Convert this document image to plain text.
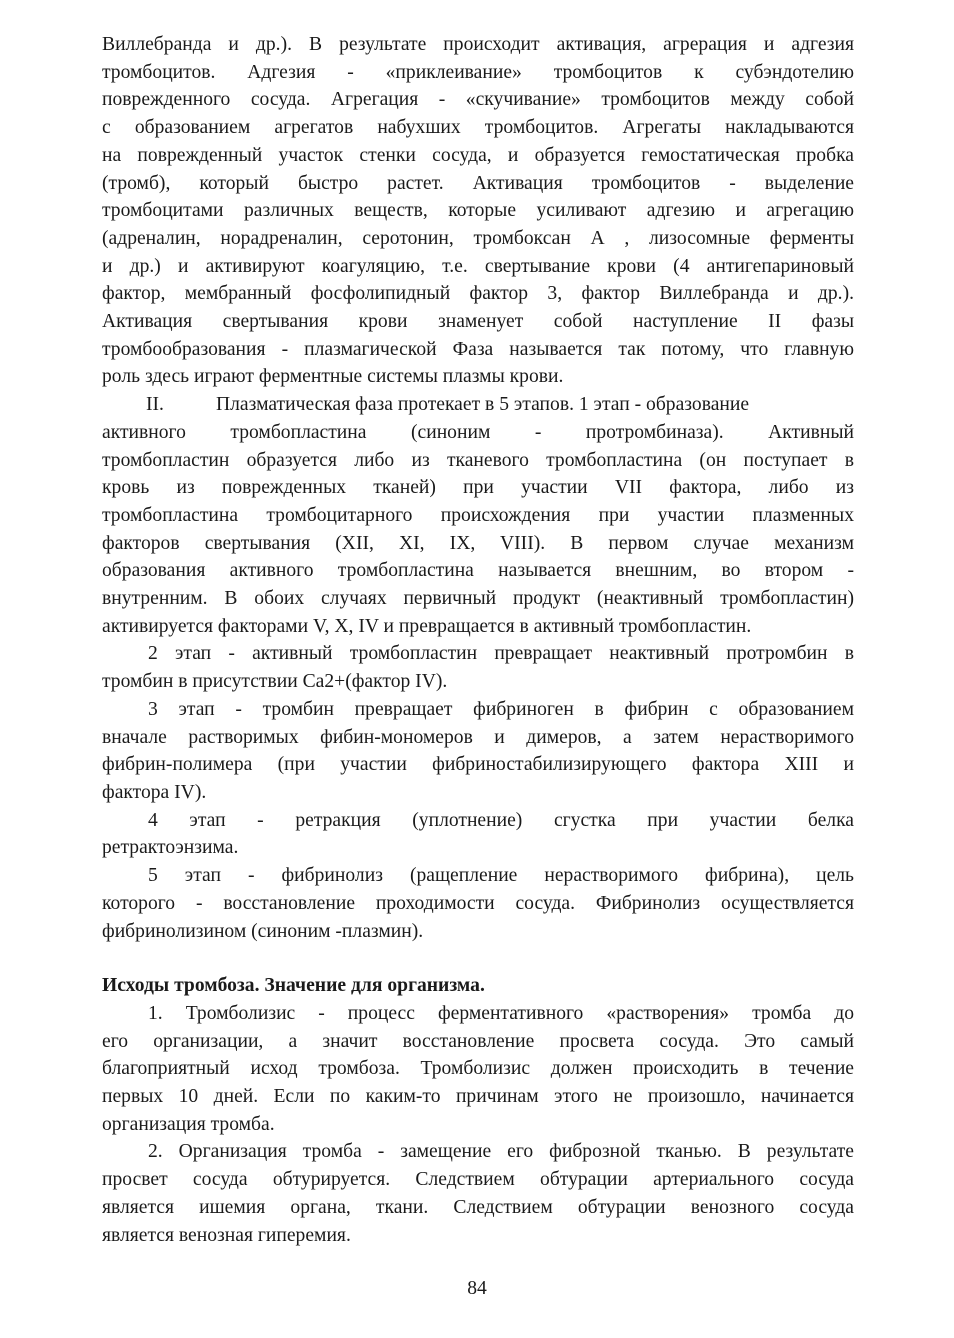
Виллебранда и др.). В результате происходит активация, агрерация и адгезия
тромбоцитов. Адгезия - «приклеивание» тромбоцитов к субэндотелию
поврежденного сосуда. Агрегация - «скучивание» тромбоцитов между собой
с образованием агрегатов набухших тромбоцитов. Агрегаты накладываются
на поврежденный участок стенки сосуда, и образуется гемостатическая пробка
(тромб), который быстро растет. Активация тромбоцитов - выделение
тромбоцитами различных веществ, которые усиливают адгезию и агрегацию
(адреналин, норадреналин, серотонин, тромбоксан А , лизосомные ферменты
и др.) и активируют коагуляцию, т.е. свертывание крови (4 антигепариновый
фактор, мембранный фосфолипидный фактор 3, фактор Виллебранда и др.).
Активация свертывания крови знаменует собой наступление II фазы
тромбообразования - плазмагической Фаза называется так потому, что главную
роль здесь играют ферментные системы плазмы крови.
II.	Плазматическая фаза протекает в 5 этапов. 1 этап - образование
активного тромбопластина (синоним - протромбиназа). Активный
тромбопластин образуется либо из тканевого тромбопластина (он поступает в
кровь из поврежденных тканей) при участии VII фактора, либо из
тромбопластина тромбоцитарного происхождения при участии плазменных
факторов свертывания (XII, XI, IX, VIII). В первом случае механизм
образования активного тромбопластина называется внешним, во втором -
внутренним. В обоих случаях первичный продукт (неактивный тромбопластин)
активируется факторами V, X, IV и превращается в активный тромбопластин.
2 этап - активный тромбопластин превращает неактивный протромбин в
тромбин в присутствии Са2+(фактор IV).
3 этап - тромбин превращает фибриноген в фибрин с образованием
вначале растворимых фибин-мономеров и димеров, а затем нерастворимого
фибрин-полимера (при участии фибриностабилизирующего фактора XIII и
фактора IV).
4 этап - ретракция (уплотнение) сгустка при участии белка
ретрактоэнзима.
5 этап - фибринолиз (ращепление нерастворимого фибрина), цель
которого - восстановление проходимости сосуда. Фибринолиз осуществляется
фибринолизином (синоним -плазмин).
Исходы тромбоза. Значение для организма.
1. Тромболизис - процесс ферментативного «растворения» тромба до
его организации, а значит восстановление просвета сосуда. Это самый
благоприятный исход тромбоза. Тромболизис должен происходить в течение
первых 10 дней. Если по каким-то причинам этого не произошло, начинается
организация тромба.
2. Организация тромба - замещение его фиброзной тканью. В результате
просвет сосуда обтурируется. Следствием обтурации артериального сосуда
является ишемия органа, ткани. Следствием обтурации венозного сосуда
является венозная гиперемия.
84
